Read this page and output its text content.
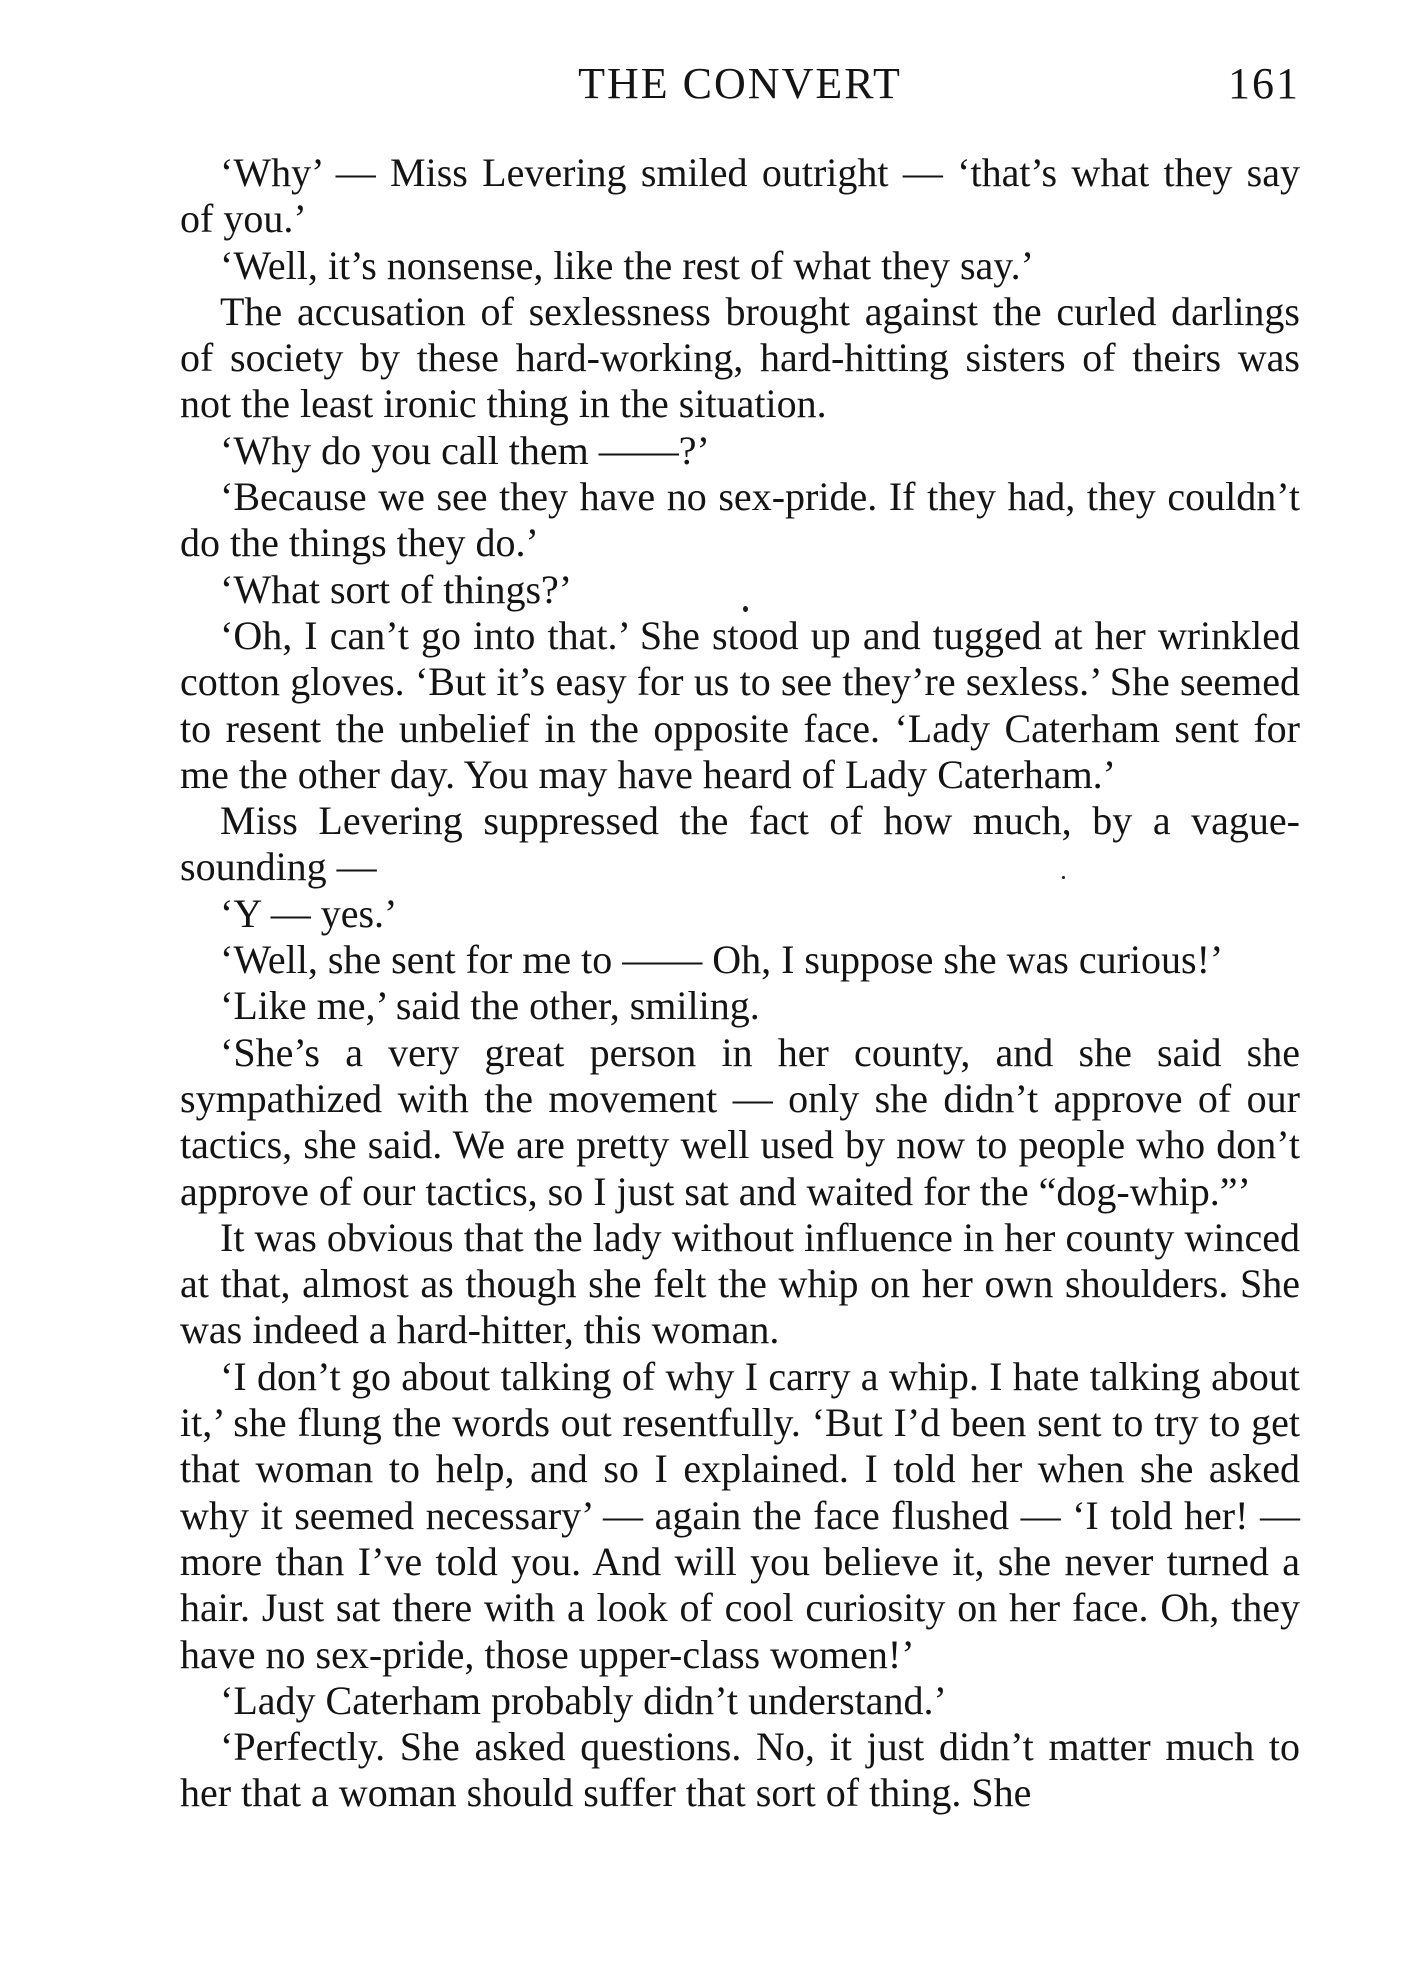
THE CONVERT	161

‘Why’ — Miss Levering smiled outright — ‘that’s what they say of you.’

‘Well, it’s nonsense, like the rest of what they say.’

The accusation of sexlessness brought against the curled darlings of society by these hard-working, hard-hitting sisters of theirs was not the least ironic thing in the situation.

‘Why do you call them ——?’

‘Because we see they have no sex-pride. If they had, they couldn’t do the things they do.’

‘What sort of things?’

‘Oh, I can’t go into that.’ She stood up and tugged at her wrinkled cotton gloves. ‘But it’s easy for us to see they’re sexless.’ She seemed to resent the unbelief in the opposite face. ‘Lady Caterham sent for me the other day. You may have heard of Lady Caterham.’

Miss Levering suppressed the fact of how much, by a vague-sounding —

‘Y — yes.’

‘Well, she sent for me to —— Oh, I suppose she was curious!’

‘Like me,’ said the other, smiling.

‘She’s a very great person in her county, and she said she sympathized with the movement — only she didn’t approve of our tactics, she said. We are pretty well used by now to people who don’t approve of our tactics, so I just sat and waited for the “dog-whip.”’

It was obvious that the lady without influence in her county winced at that, almost as though she felt the whip on her own shoulders. She was indeed a hard-hitter, this woman.

‘I don’t go about talking of why I carry a whip. I hate talking about it,’ she flung the words out resentfully. ‘But I’d been sent to try to get that woman to help, and so I explained. I told her when she asked why it seemed necessary’ — again the face flushed — ‘I told her! — more than I’ve told you. And will you believe it, she never turned a hair. Just sat there with a look of cool curiosity on her face. Oh, they have no sex-pride, those upper-class women!’

‘Lady Caterham probably didn’t understand.’

‘Perfectly. She asked questions. No, it just didn’t matter much to her that a woman should suffer that sort of thing. She
